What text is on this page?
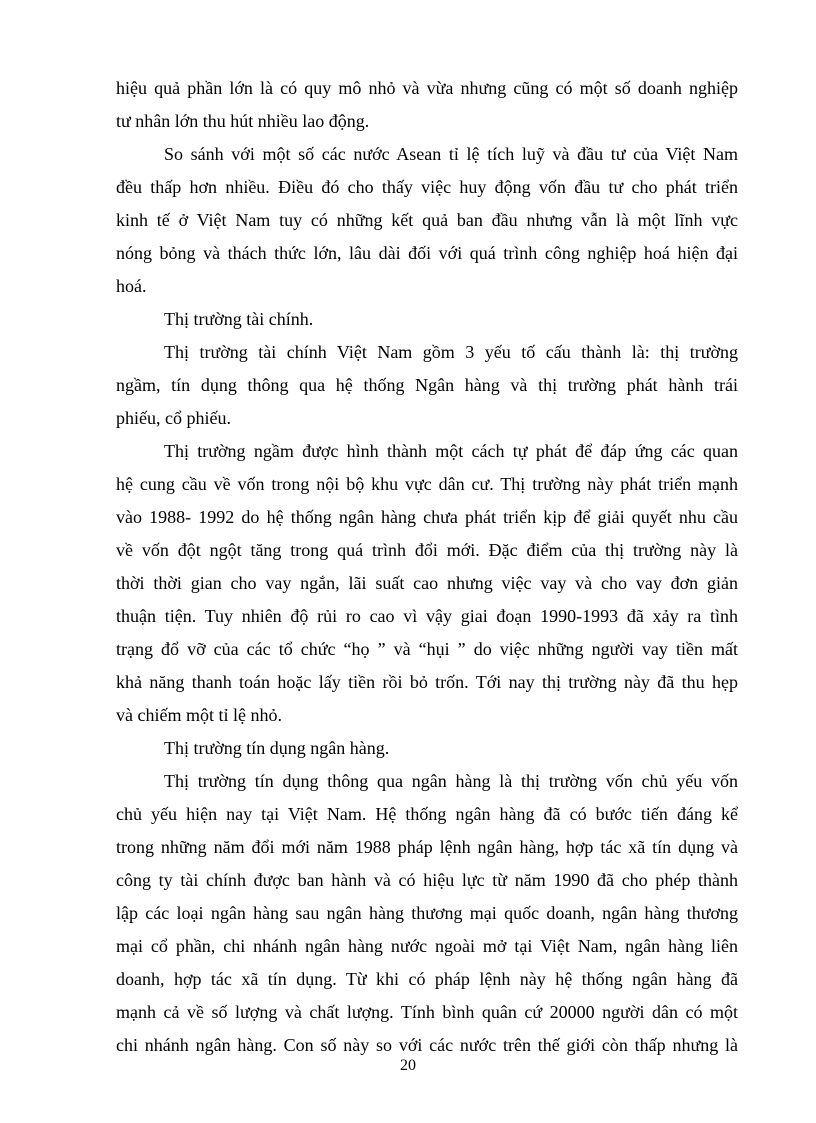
hiệu quả phần lớn là có quy mô nhỏ và vừa nhưng cũng có một số doanh nghiệp
tư nhân lớn thu hút nhiều lao động.
So sánh với một số các nước Asean tỉ lệ tích luỹ và đầu tư của Việt Nam
đều thấp hơn nhiều. Điều đó cho thấy việc huy động vốn đầu tư cho phát triển
kinh tế ở Việt Nam tuy có những kết quả ban đầu nhưng vẫn là một lĩnh vực
nóng bỏng và thách thức lớn, lâu dài đối với quá trình công nghiệp hoá hiện đại
hoá.
Thị trường tài chính.
Thị trường tài chính Việt Nam gồm 3 yếu tố cấu thành là: thị trường
ngầm, tín dụng thông qua hệ thống Ngân hàng và thị trường phát hành trái
phiếu, cổ phiếu.
Thị trường ngầm được hình thành một cách tự phát để đáp ứng các quan
hệ cung cầu về vốn trong nội bộ khu vực dân cư. Thị trường này phát triển mạnh
vào 1988- 1992 do hệ thống ngân hàng chưa phát triển kịp để giải quyết nhu cầu
về vốn đột ngột tăng trong quá trình đổi mới. Đặc điểm của thị trường này là
thời thời gian cho vay ngắn, lãi suất cao nhưng việc vay và cho vay đơn giản
thuận tiện. Tuy nhiên độ rủi ro cao vì vậy giai đoạn 1990-1993 đã xảy ra tình
trạng đổ vỡ của các tổ chức “họ ” và “hụi ” do việc những người vay tiền mất
khả năng thanh toán hoặc lấy tiền rồi bỏ trốn. Tới nay thị trường này đã thu hẹp
và chiếm một tỉ lệ nhỏ.
Thị trường tín dụng ngân hàng.
Thị trường tín dụng thông qua ngân hàng là thị trường vốn chủ yếu vốn
chủ yếu hiện nay tại Việt Nam. Hệ thống ngân hàng đã có bước tiến đáng kể
trong những năm đổi mới năm 1988 pháp lệnh ngân hàng, hợp tác xã tín dụng và
công ty tài chính được ban hành và có hiệu lực từ năm 1990 đã cho phép thành
lập các loại ngân hàng sau ngân hàng thương mại quốc doanh, ngân hàng thương
mại cổ phần, chi nhánh ngân hàng nước ngoài mở tại Việt Nam, ngân hàng liên
doanh, hợp tác xã tín dụng. Từ khi có pháp lệnh này hệ thống ngân hàng đã
mạnh cả về số lượng và chất lượng. Tính bình quân cứ 20000 người dân có một
chi nhánh ngân hàng. Con số này so với các nước trên thế giới còn thấp nhưng là
20
